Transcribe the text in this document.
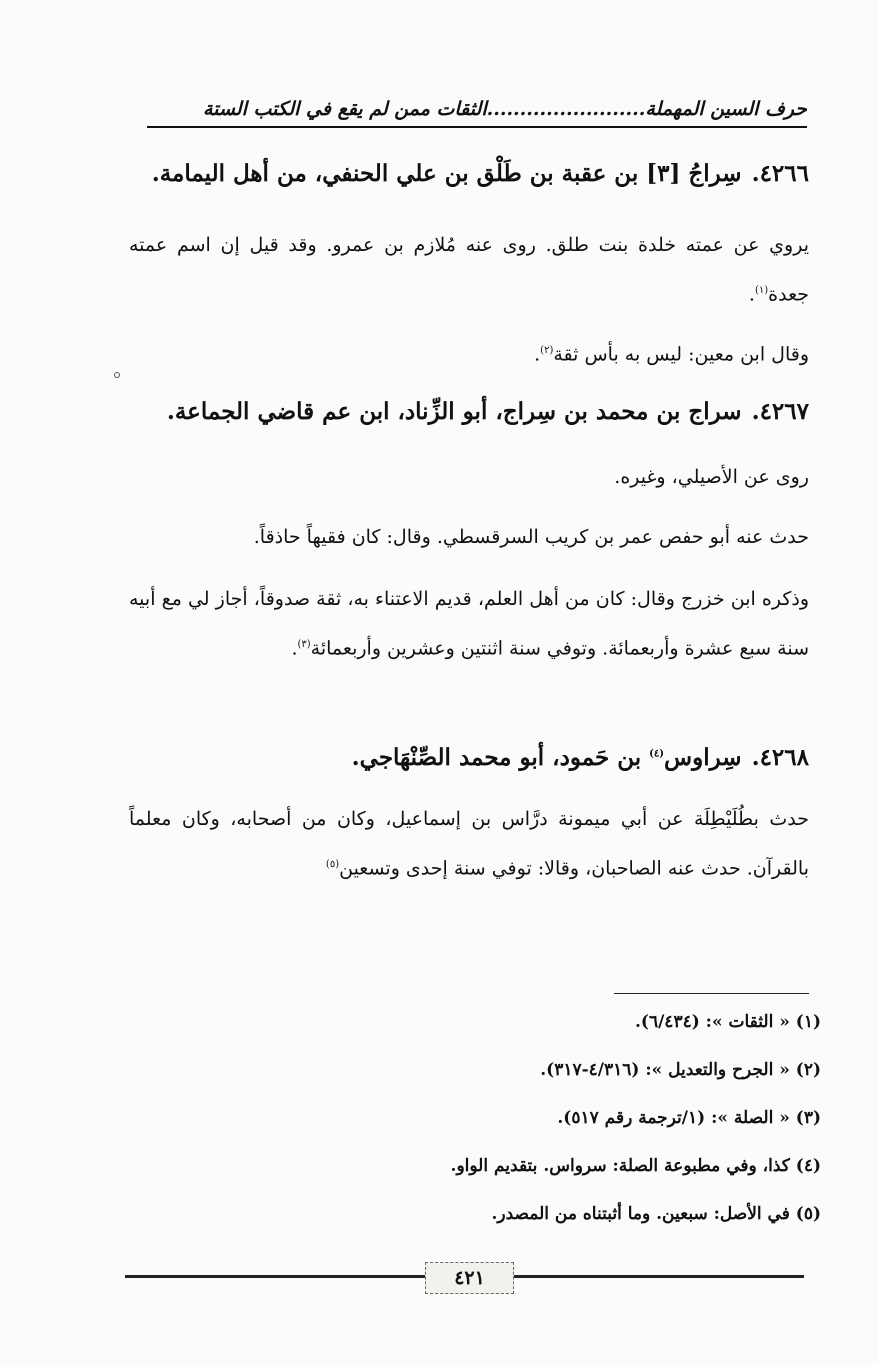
حرف السين المهملة........................الثقات ممن لم يقع في الكتب الستة
٤٢٦٦.سِراجُ [٣] بن عقبة بن طَلْق بن علي الحنفي، من أهل اليمامة.
يروي عن عمته خلدة بنت طلق. روى عنه مُلازم بن عمرو. وقد قيل إن اسم عمته جعدة$^{(١)}$.
وقال ابن معين: ليس به بأس ثقة$^{(٢)}$.
٤٢٦٧.سراج بن محمد بن سِراج، أبو الزِّناد، ابن عم قاضي الجماعة.
روى عن الأصيلي، وغيره.
حدث عنه أبو حفص عمر بن كريب السرقسطي. وقال: كان فقيهاً حاذقاً.
وذكره ابن خزرج وقال: كان من أهل العلم، قديم الاعتناء به، ثقة صدوقاً، أجاز لي مع أبيه سنة سبع عشرة وأربعمائة. وتوفي سنة اثنتين وعشرين وأربعمائة$^{(٣)}$.
٤٢٦٨.سِراوس$^{(٤)}$ بن حَمود، أبو محمد الصِّنْهَاجي.
حدث بطُلَيْطِلَة عن أبي ميمونة درَّاس بن إسماعيل، وكان من أصحابه، وكان معلماً بالقرآن. حدث عنه الصاحبان، وقالا: توفي سنة إحدى وتسعين$^{(٥)}$
(١) « الثقات »: (٦/٤٣٤).
(٢) « الجرح والتعديل »: (٤/٣١٦-٣١٧).
(٣) « الصلة »: (١/ترجمة رقم ٥١٧).
(٤) كذا، وفي مطبوعة الصلة: سرواس. بتقديم الواو.
(٥) في الأصل: سبعين. وما أثبتناه من المصدر.
٤٢١
